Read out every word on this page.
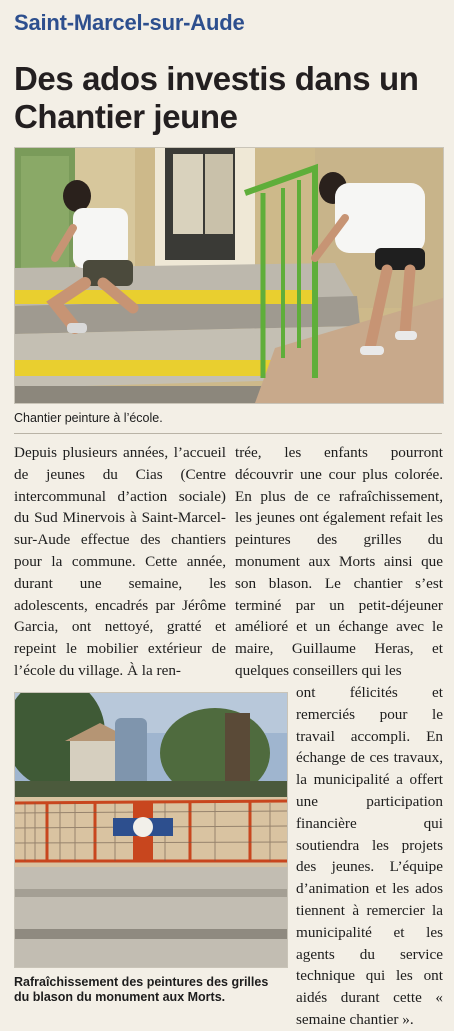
Saint-Marcel-sur-Aude
Des ados investis dans un Chantier jeune
Chantier peinture à l’école.
Depuis plusieurs années, l’accueil de jeunes du Cias (Centre intercommunal d’action sociale) du Sud Minervois à Saint-Marcel-sur-Aude effectue des chantiers pour la commune. Cette année, durant une semaine, les adolescents, encadrés par Jérôme Garcia, ont nettoyé, gratté et repeint le mobilier extérieur de l’école du village. À la ren-
trée, les enfants pourront découvrir une cour plus colorée. En plus de ce rafraîchissement, les jeunes ont également refait les peintures des grilles du monument aux Morts ainsi que son blason. Le chantier s’est terminé par un petit-déjeuner amélioré et un échange avec le maire, Guillaume Heras, et quelques conseillers qui les
Rafraîchissement des peintures des grilles du blason du monument aux Morts.
ont félicités et remerciés pour le travail accompli. En échange de ces travaux, la municipalité a offert une participation financière qui soutiendra les projets des jeunes. L’équipe d’animation et les ados tiennent à remercier la municipalité et les agents du service technique qui les ont aidés durant cette « semaine chantier ».
